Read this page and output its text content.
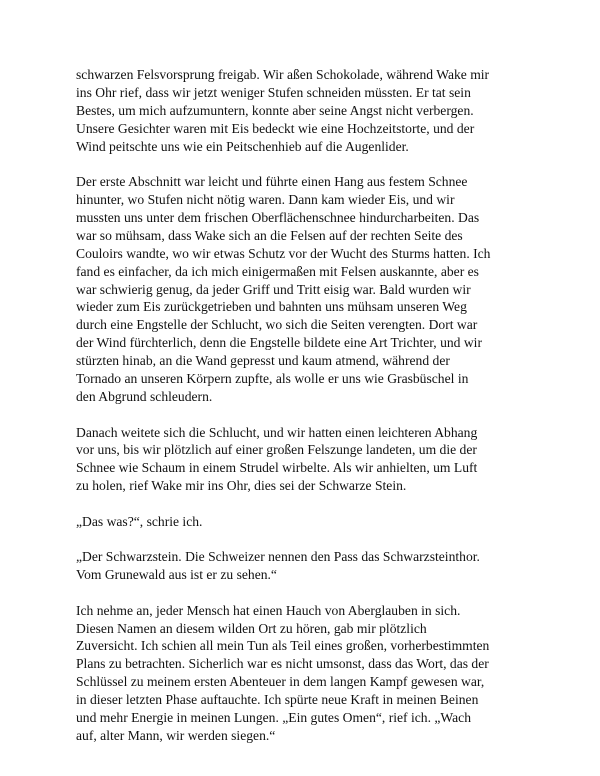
schwarzen Felsvorsprung freigab. Wir aßen Schokolade, während Wake mir
ins Ohr rief, dass wir jetzt weniger Stufen schneiden müssten. Er tat sein
Bestes, um mich aufzumuntern, konnte aber seine Angst nicht verbergen.
Unsere Gesichter waren mit Eis bedeckt wie eine Hochzeitstorte, und der
Wind peitschte uns wie ein Peitschenhieb auf die Augenlider.

Der erste Abschnitt war leicht und führte einen Hang aus festem Schnee
hinunter, wo Stufen nicht nötig waren. Dann kam wieder Eis, und wir
mussten uns unter dem frischen Oberflächenschnee hindurcharbeiten. Das
war so mühsam, dass Wake sich an die Felsen auf der rechten Seite des
Couloirs wandte, wo wir etwas Schutz vor der Wucht des Sturms hatten. Ich
fand es einfacher, da ich mich einigermaßen mit Felsen auskannte, aber es
war schwierig genug, da jeder Griff und Tritt eisig war. Bald wurden wir
wieder zum Eis zurückgetrieben und bahnten uns mühsam unseren Weg
durch eine Engstelle der Schlucht, wo sich die Seiten verengten. Dort war
der Wind fürchterlich, denn die Engstelle bildete eine Art Trichter, und wir
stürzten hinab, an die Wand gepresst und kaum atmend, während der
Tornado an unseren Körpern zupfte, als wolle er uns wie Grasbüschel in
den Abgrund schleudern.

Danach weitete sich die Schlucht, und wir hatten einen leichteren Abhang
vor uns, bis wir plötzlich auf einer großen Felszunge landeten, um die der
Schnee wie Schaum in einem Strudel wirbelte. Als wir anhielten, um Luft
zu holen, rief Wake mir ins Ohr, dies sei der Schwarze Stein.

„Das was?“, schrie ich.

„Der Schwarzstein. Die Schweizer nennen den Pass das Schwarzsteinthor.
Vom Grunewald aus ist er zu sehen.“

Ich nehme an, jeder Mensch hat einen Hauch von Aberglauben in sich.
Diesen Namen an diesem wilden Ort zu hören, gab mir plötzlich
Zuversicht. Ich schien all mein Tun als Teil eines großen, vorherbestimmten
Plans zu betrachten. Sicherlich war es nicht umsonst, dass das Wort, das der
Schlüssel zu meinem ersten Abenteuer in dem langen Kampf gewesen war,
in dieser letzten Phase auftauchte. Ich spürte neue Kraft in meinen Beinen
und mehr Energie in meinen Lungen. „Ein gutes Omen“, rief ich. „Wach
auf, alter Mann, wir werden siegen.“
